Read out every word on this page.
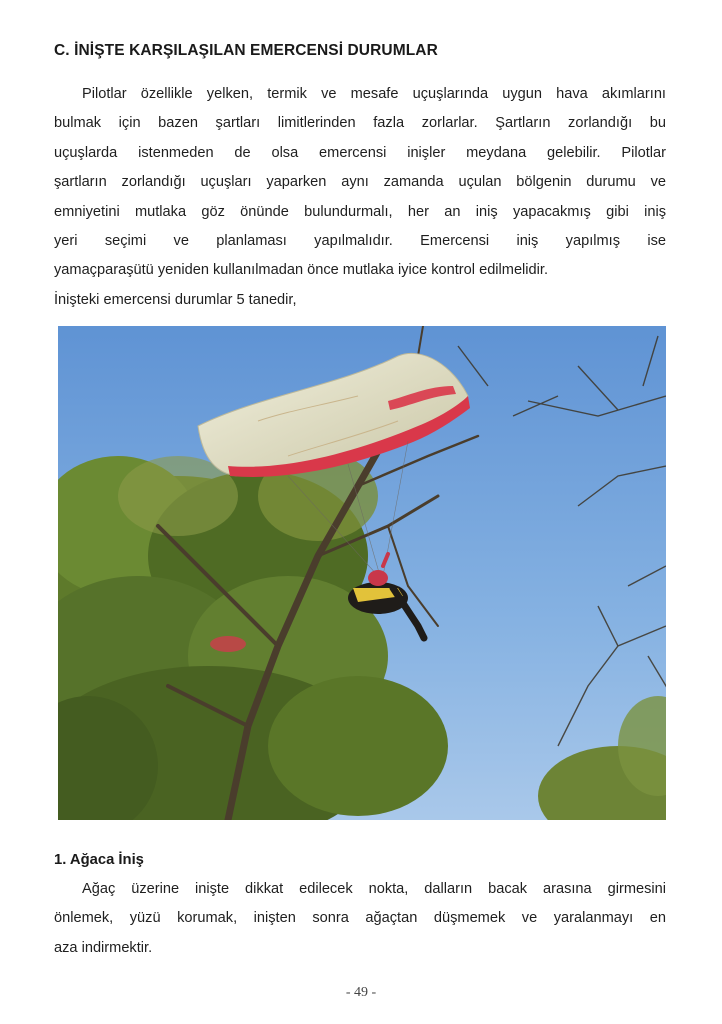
C. İNİŞTE KARŞILAŞILAN EMERCENSİ DURUMLAR
Pilotlar özellikle yelken, termik ve mesafe uçuşlarında uygun hava akımlarını
bulmak için bazen şartları limitlerinden fazla zorlarlar. Şartların zorlandığı bu
uçuşlarda istenmeden de olsa emercensi inişler meydana gelebilir. Pilotlar
şartların zorlandığı uçuşları yaparken aynı zamanda uçulan bölgenin durumu ve
emniyetini mutlaka göz önünde bulundurmalı, her an iniş yapacakmış gibi iniş
yeri seçimi ve planlaması yapılmalıdır. Emercensi iniş yapılmış ise
yamaçparaşütü yeniden kullanılmadan önce mutlaka iyice kontrol edilmelidir.
İnişteki emercensi durumlar 5 tanedir,
1. Ağaca İniş
Ağaç üzerine inişte dikkat edilecek nokta, dalların bacak arasına girmesini
önlemek, yüzü korumak, inişten sonra ağaçtan düşmemek ve yaralanmayı en
aza indirmektir.
- 49 -
